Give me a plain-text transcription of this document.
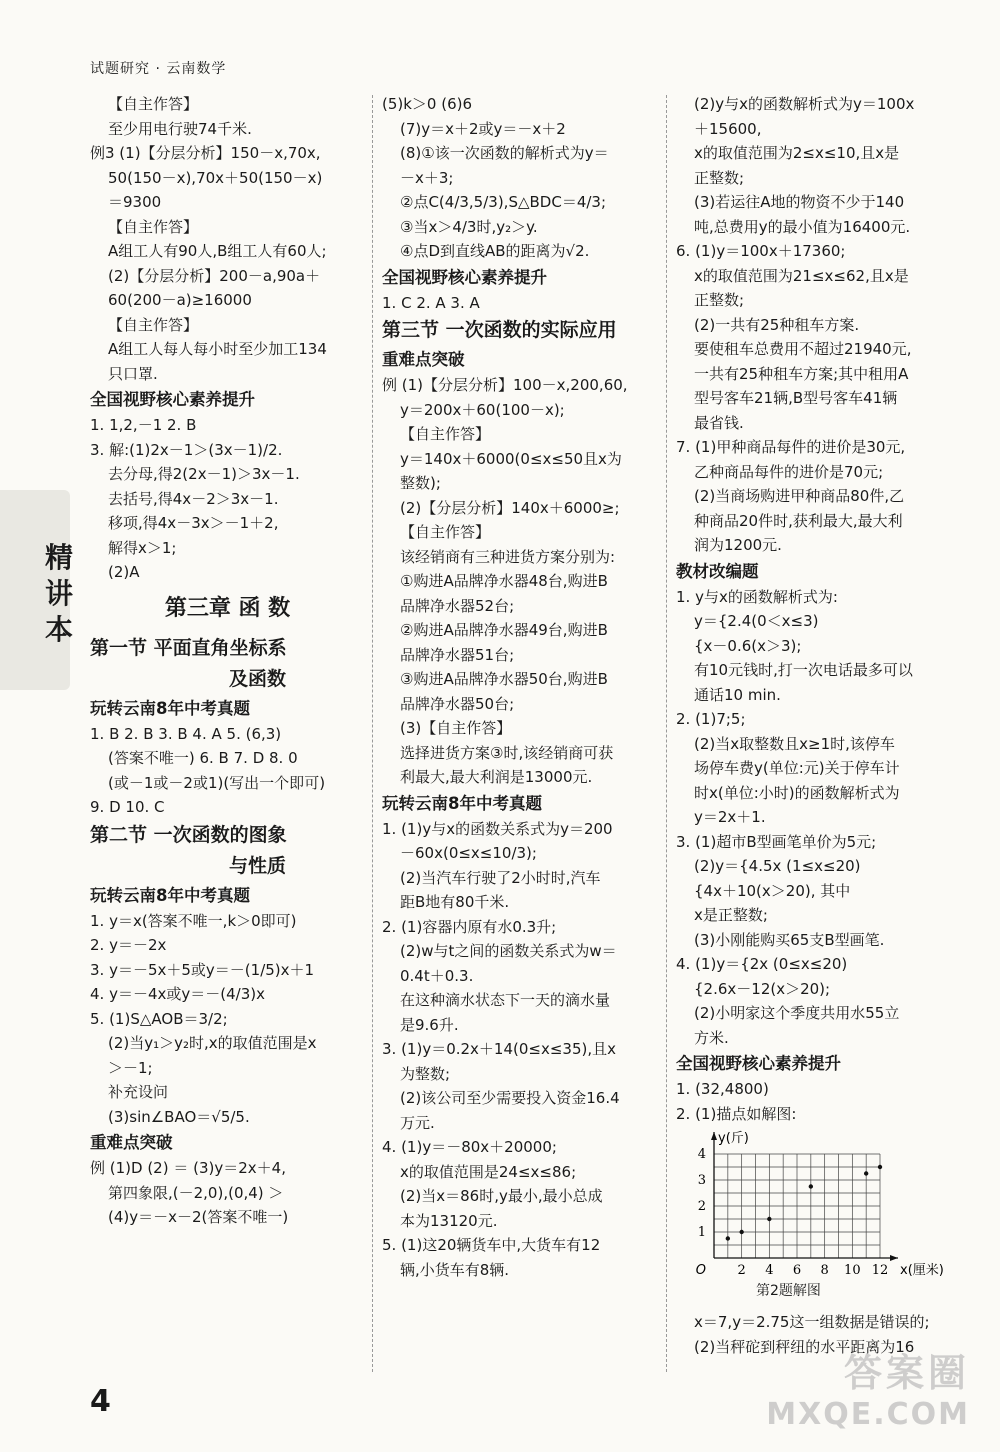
试题研究 · 云南数学
精
讲
本
【自主作答】
至少用电行驶74千米.
例3 (1)【分层分析】150－x,70x,
50(150－x),70x＋50(150－x)
＝9300
【自主作答】
A组工人有90人,B组工人有60人;
(2)【分层分析】200－a,90a＋
60(200－a)≥16000
【自主作答】
A组工人每人每小时至少加工134
只口罩.
全国视野核心素养提升
1. 1,2,－1 2. B
3. 解:(1)2x－1＞(3x－1)/2.
去分母,得2(2x－1)＞3x－1.
去括号,得4x－2＞3x－1.
移项,得4x－3x＞－1＋2,
解得x＞1;
(2)A
第三章 函 数
第一节 平面直角坐标系
及函数
玩转云南8年中考真题
1. B 2. B 3. B 4. A 5. (6,3)
(答案不唯一) 6. B 7. D 8. 0
(或－1或－2或1)(写出一个即可)
9. D 10. C
第二节 一次函数的图象
与性质
玩转云南8年中考真题
1. y＝x(答案不唯一,k＞0即可)
2. y＝－2x
3. y＝－5x＋5或y＝－(1/5)x＋1
4. y＝－4x或y＝－(4/3)x
5. (1)S△AOB＝3/2;
(2)当y₁＞y₂时,x的取值范围是x
＞－1;
补充设问
(3)sin∠BAO＝√5/5.
重难点突破
例 (1)D (2) ＝ (3)y＝2x＋4,
第四象限,(－2,0),(0,4) ＞
(4)y＝－x－2(答案不唯一)
(5)k＞0 (6)6
(7)y＝x＋2或y＝－x＋2
(8)①该一次函数的解析式为y＝
－x＋3;
②点C(4/3,5/3),S△BDC＝4/3;
③当x＞4/3时,y₂＞y.
④点D到直线AB的距离为√2.
全国视野核心素养提升
1. C 2. A 3. A
第三节 一次函数的实际应用
重难点突破
例 (1)【分层分析】100－x,200,60,
y＝200x＋60(100－x);
【自主作答】
y＝140x＋6000(0≤x≤50且x为
整数);
(2)【分层分析】140x＋6000≥;
【自主作答】
该经销商有三种进货方案分别为:
①购进A品牌净水器48台,购进B
品牌净水器52台;
②购进A品牌净水器49台,购进B
品牌净水器51台;
③购进A品牌净水器50台,购进B
品牌净水器50台;
(3)【自主作答】
选择进货方案③时,该经销商可获
利最大,最大利润是13000元.
玩转云南8年中考真题
1. (1)y与x的函数关系式为y＝200
－60x(0≤x≤10/3);
(2)当汽车行驶了2小时时,汽车
距B地有80千米.
2. (1)容器内原有水0.3升;
(2)w与t之间的函数关系式为w＝
0.4t＋0.3.
在这种滴水状态下一天的滴水量
是9.6升.
3. (1)y＝0.2x＋14(0≤x≤35),且x
为整数;
(2)该公司至少需要投入资金16.4
万元.
4. (1)y＝－80x＋20000;
x的取值范围是24≤x≤86;
(2)当x＝86时,y最小,最小总成
本为13120元.
5. (1)这20辆货车中,大货车有12
辆,小货车有8辆.
(2)y与x的函数解析式为y＝100x
＋15600,
x的取值范围为2≤x≤10,且x是
正整数;
(3)若运往A地的物资不少于140
吨,总费用y的最小值为16400元.
6. (1)y＝100x＋17360;
x的取值范围为21≤x≤62,且x是
正整数;
(2)一共有25种租车方案.
要使租车总费用不超过21940元,
一共有25种租车方案;其中租用A
型号客车21辆,B型号客车41辆
最省钱.
7. (1)甲种商品每件的进价是30元,
乙种商品每件的进价是70元;
(2)当商场购进甲种商品80件,乙
种商品20件时,获利最大,最大利
润为1200元.
教材改编题
1. y与x的函数解析式为:
y＝{2.4(0＜x≤3)
{x－0.6(x＞3);
有10元钱时,打一次电话最多可以
通话10 min.
2. (1)7;5;
(2)当x取整数且x≥1时,该停车
场停车费y(单位:元)关于停车计
时x(单位:小时)的函数解析式为
y＝2x＋1.
3. (1)超市B型画笔单价为5元;
(2)y＝{4.5x (1≤x≤20)
{4x＋10(x＞20), 其中
x是正整数;
(3)小刚能购买65支B型画笔.
4. (1)y＝{2x (0≤x≤20)
{2.6x－12(x＞20);
(2)小明家这个季度共用水55立
方米.
全国视野核心素养提升
1. (32,4800)
2. (1)描点如解图:
2 4 6 8 10 12
1
2
3
4
O	x(厘米)
y(斤)
第2题解图
x＝7,y＝2.75这一组数据是错误的;
(2)当秤砣到秤纽的水平距离为16
4
答案圈
MXQE.COM
